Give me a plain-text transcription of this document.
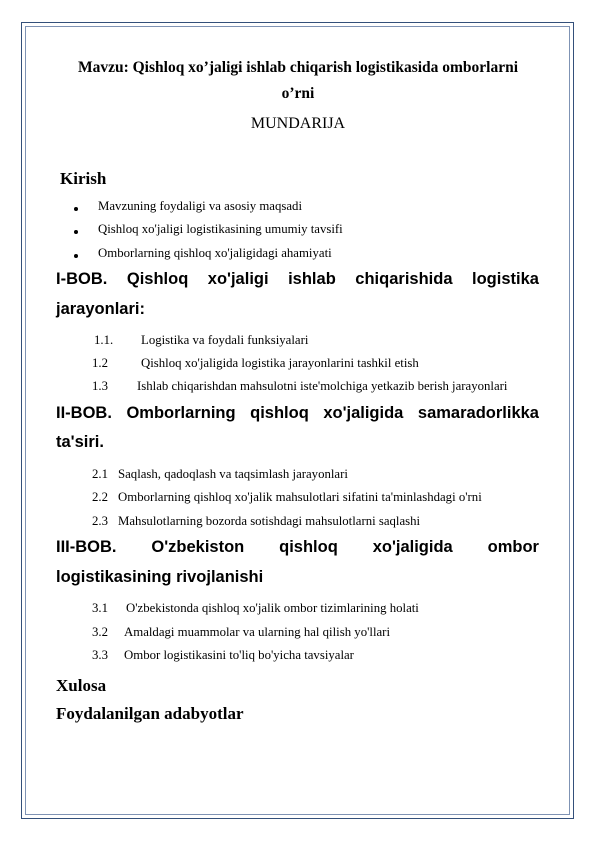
Mavzu: Qishloq xo’jaligi ishlab chiqarish logistikasida omborlarni
o’rni
MUNDARIJA
Kirish
Mavzuning foydaligi va asosiy maqsadi
Qishloq xo'jaligi logistikasining umumiy tavsifi
Omborlarning qishloq xo'jaligidagi ahamiyati
I-BOB. Qishloq xo'jaligi ishlab chiqarishida logistika
jarayonlari:
1.1. Logistika va foydali funksiyalari
1.2	Qishloq xo'jaligida logistika jarayonlarini tashkil etish
1.3 Ishlab chiqarishdan mahsulotni iste'molchiga yetkazib berish jarayonlari
II-BOB. Omborlarning qishloq xo'jaligida samaradorlikka
ta'siri.
2.1 Saqlash, qadoqlash va taqsimlash jarayonlari
2.2 Omborlarning qishloq xo'jalik mahsulotlari sifatini ta'minlashdagi o'rni
2.3 Mahsulotlarning bozorda sotishdagi mahsulotlarni saqlashi
III-BOB. O'zbekiston qishloq xo'jaligida ombor
logistikasining rivojlanishi
3.1 O'zbekistonda qishloq xo'jalik ombor tizimlarining holati
3.2 Amaldagi muammolar va ularning hal qilish yo'llari
3.3 Ombor logistikasini to'liq bo'yicha tavsiyalar
Xulosa
Foydalanilgan adabyotlar
